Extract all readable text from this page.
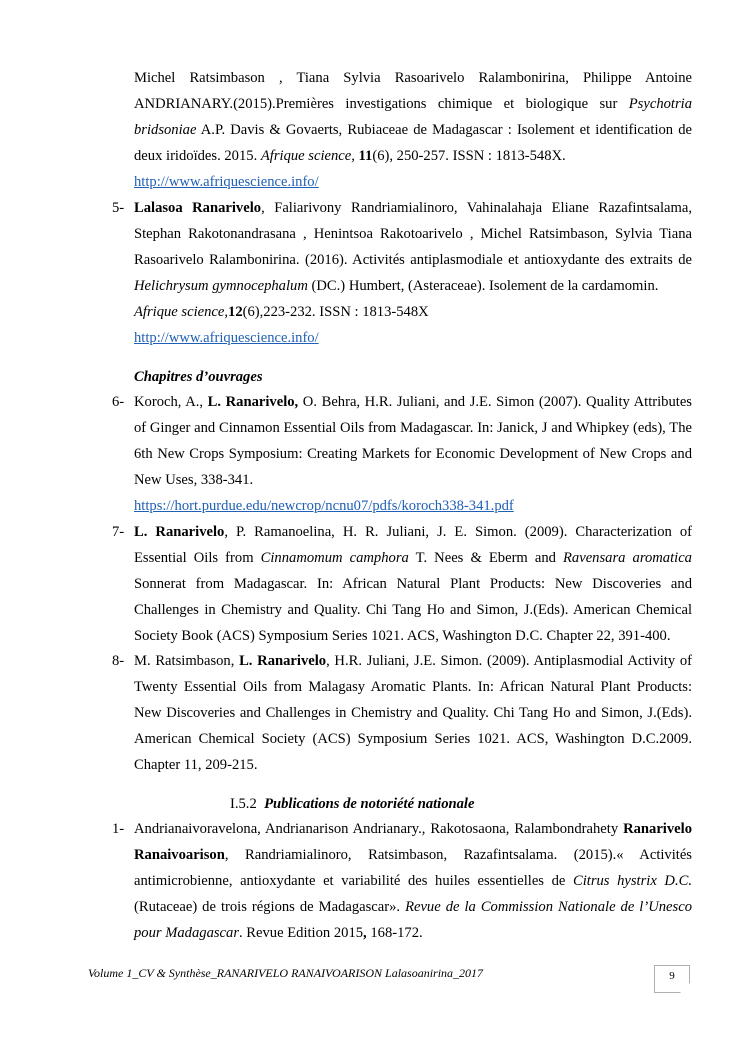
Michel Ratsimbason , Tiana Sylvia Rasoarivelo Ralambonirina, Philippe Antoine ANDRIANARY.(2015).Premières investigations chimique et biologique sur Psychotria bridsoniae A.P. Davis & Govaerts, Rubiaceae de Madagascar : Isolement et identification de deux iridoïdes. 2015. Afrique science, 11(6), 250-257. ISSN : 1813-548X.
http://www.afriquescience.info/
5- Lalasoa Ranarivelo, Faliarivony Randriamialinoro, Vahinalahaja Eliane Razafintsalama, Stephan Rakotonandrasana , Henintsoa Rakotoarivelo , Michel Ratsimbason, Sylvia Tiana Rasoarivelo Ralambonirina. (2016). Activités antiplasmodiale et antioxydante des extraits de Helichrysum gymnocephalum (DC.) Humbert, (Asteraceae). Isolement de la cardamomin.
Afrique science,12(6),223-232. ISSN : 1813-548X
http://www.afriquescience.info/
Chapitres d’ouvrages
6- Koroch, A., L. Ranarivelo, O. Behra, H.R. Juliani, and J.E. Simon (2007). Quality Attributes of Ginger and Cinnamon Essential Oils from Madagascar. In: Janick, J and Whipkey (eds), The 6th New Crops Symposium: Creating Markets for Economic Development of New Crops and New Uses, 338-341.
https://hort.purdue.edu/newcrop/ncnu07/pdfs/koroch338-341.pdf
7- L. Ranarivelo, P. Ramanoelina, H. R. Juliani, J. E. Simon. (2009). Characterization of Essential Oils from Cinnamomum camphora T. Nees & Eberm and Ravensara aromatica Sonnerat from Madagascar. In: African Natural Plant Products: New Discoveries and Challenges in Chemistry and Quality. Chi Tang Ho and Simon, J.(Eds). American Chemical Society Book (ACS) Symposium Series 1021. ACS, Washington D.C. Chapter 22, 391-400.
8- M. Ratsimbason, L. Ranarivelo, H.R. Juliani, J.E. Simon. (2009). Antiplasmodial Activity of Twenty Essential Oils from Malagasy Aromatic Plants. In: African Natural Plant Products: New Discoveries and Challenges in Chemistry and Quality. Chi Tang Ho and Simon, J.(Eds). American Chemical Society (ACS) Symposium Series 1021. ACS, Washington D.C.2009. Chapter 11, 209-215.
I.5.2 Publications de notoriété nationale
1- Andrianaivoravelona, Andrianarison Andrianary., Rakotosaona, Ralambondrahety Ranarivelo Ranaivoarison, Randriamialinoro, Ratsimbason, Razafintsalama. (2015).« Activités antimicrobienne, antioxydante et variabilité des huiles essentielles de Citrus hystrix D.C. (Rutaceae) de trois régions de Madagascar». Revue de la Commission Nationale de l’Unesco pour Madagascar. Revue Edition 2015, 168-172.
Volume 1_CV & Synthèse_RANARIVELO RANAIVOARISON Lalasoanirina_2017	9
